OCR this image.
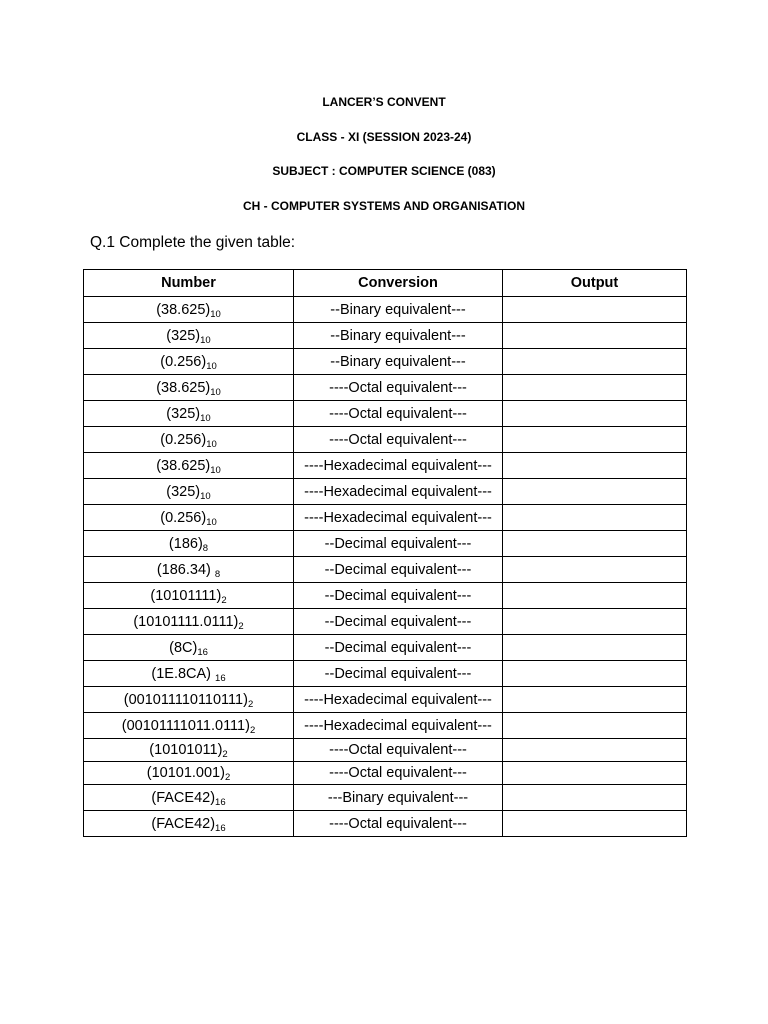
LANCER’S CONVENT
CLASS - XI (SESSION 2023-24)
SUBJECT : COMPUTER SCIENCE (083)
CH - COMPUTER SYSTEMS AND ORGANISATION
Q.1 Complete the given table:
Number	Conversion	Output
$(38.625)_{10}$	--Binary equivalent---	
$(325)_{10}$	--Binary equivalent---	
$(0.256)_{10}$	--Binary equivalent---	
$(38.625)_{10}$	----Octal equivalent---	
$(325)_{10}$	----Octal equivalent---	
$(0.256)_{10}$	----Octal equivalent---	
$(38.625)_{10}$	----Hexadecimal equivalent---	
$(325)_{10}$	----Hexadecimal equivalent---	
$(0.256)_{10}$	----Hexadecimal equivalent---	
$(186)_8$	--Decimal equivalent---	
(186.34) $_8$	--Decimal equivalent---	
$(10101111)_2$	--Decimal equivalent---	
$(10101111.0111)_2$	--Decimal equivalent---	
$(8C)_{16}$	--Decimal equivalent---	
(1E.8CA) $_{16}$	--Decimal equivalent---	
$(001011110110111)_2$	----Hexadecimal equivalent---	
$(00101111011.0111)_2$	----Hexadecimal equivalent---	
$(10101011)_2$	----Octal equivalent---	
$(10101.001)_2$	----Octal equivalent---	
$(FACE42)_{16}$	---Binary equivalent---	
$(FACE42)_{16}$	----Octal equivalent---	
